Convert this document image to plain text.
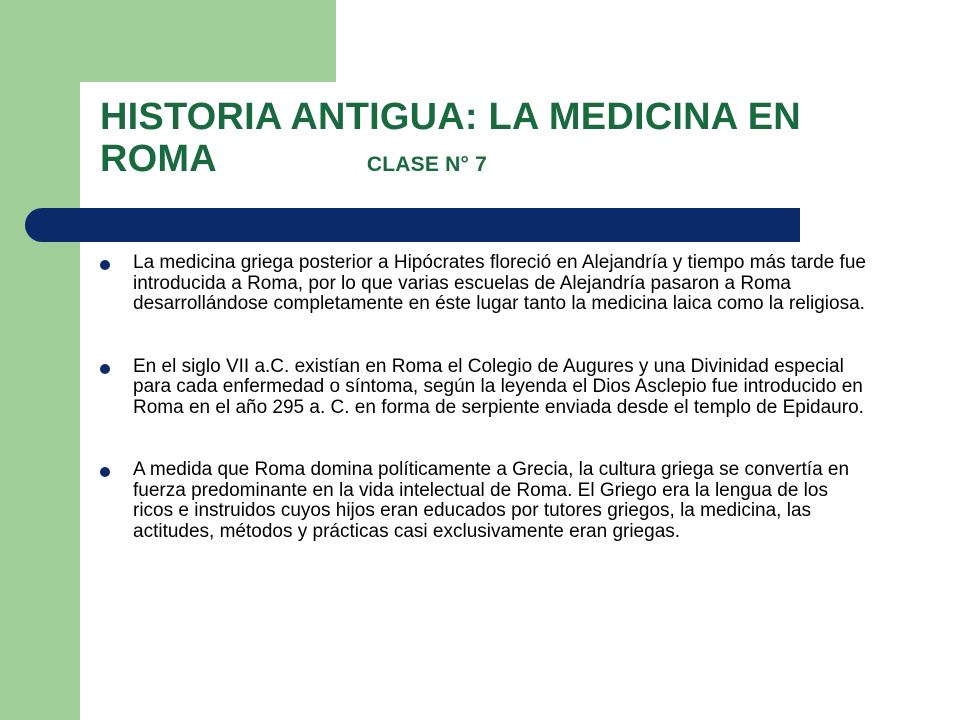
HISTORIA ANTIGUA: LA MEDICINA EN
ROMA	CLASE N° 7
La medicina griega posterior a Hipócrates floreció en Alejandría y tiempo más tarde fue introducida a Roma, por lo que varias escuelas de Alejandría pasaron a Roma desarrollándose completamente en éste lugar tanto la medicina laica como la religiosa.
En el siglo VII a.C. existían en Roma el Colegio de Augures y una Divinidad especial para cada enfermedad o síntoma, según la leyenda el Dios Asclepio fue introducido en Roma en el año 295 a. C. en forma de serpiente enviada desde el templo de Epidauro.
A medida que Roma domina políticamente a Grecia, la cultura griega se convertía en fuerza predominante en la vida intelectual de Roma. El Griego era la lengua de los ricos e instruidos cuyos hijos eran educados por tutores griegos, la medicina, las actitudes, métodos y prácticas casi exclusivamente eran griegas.
